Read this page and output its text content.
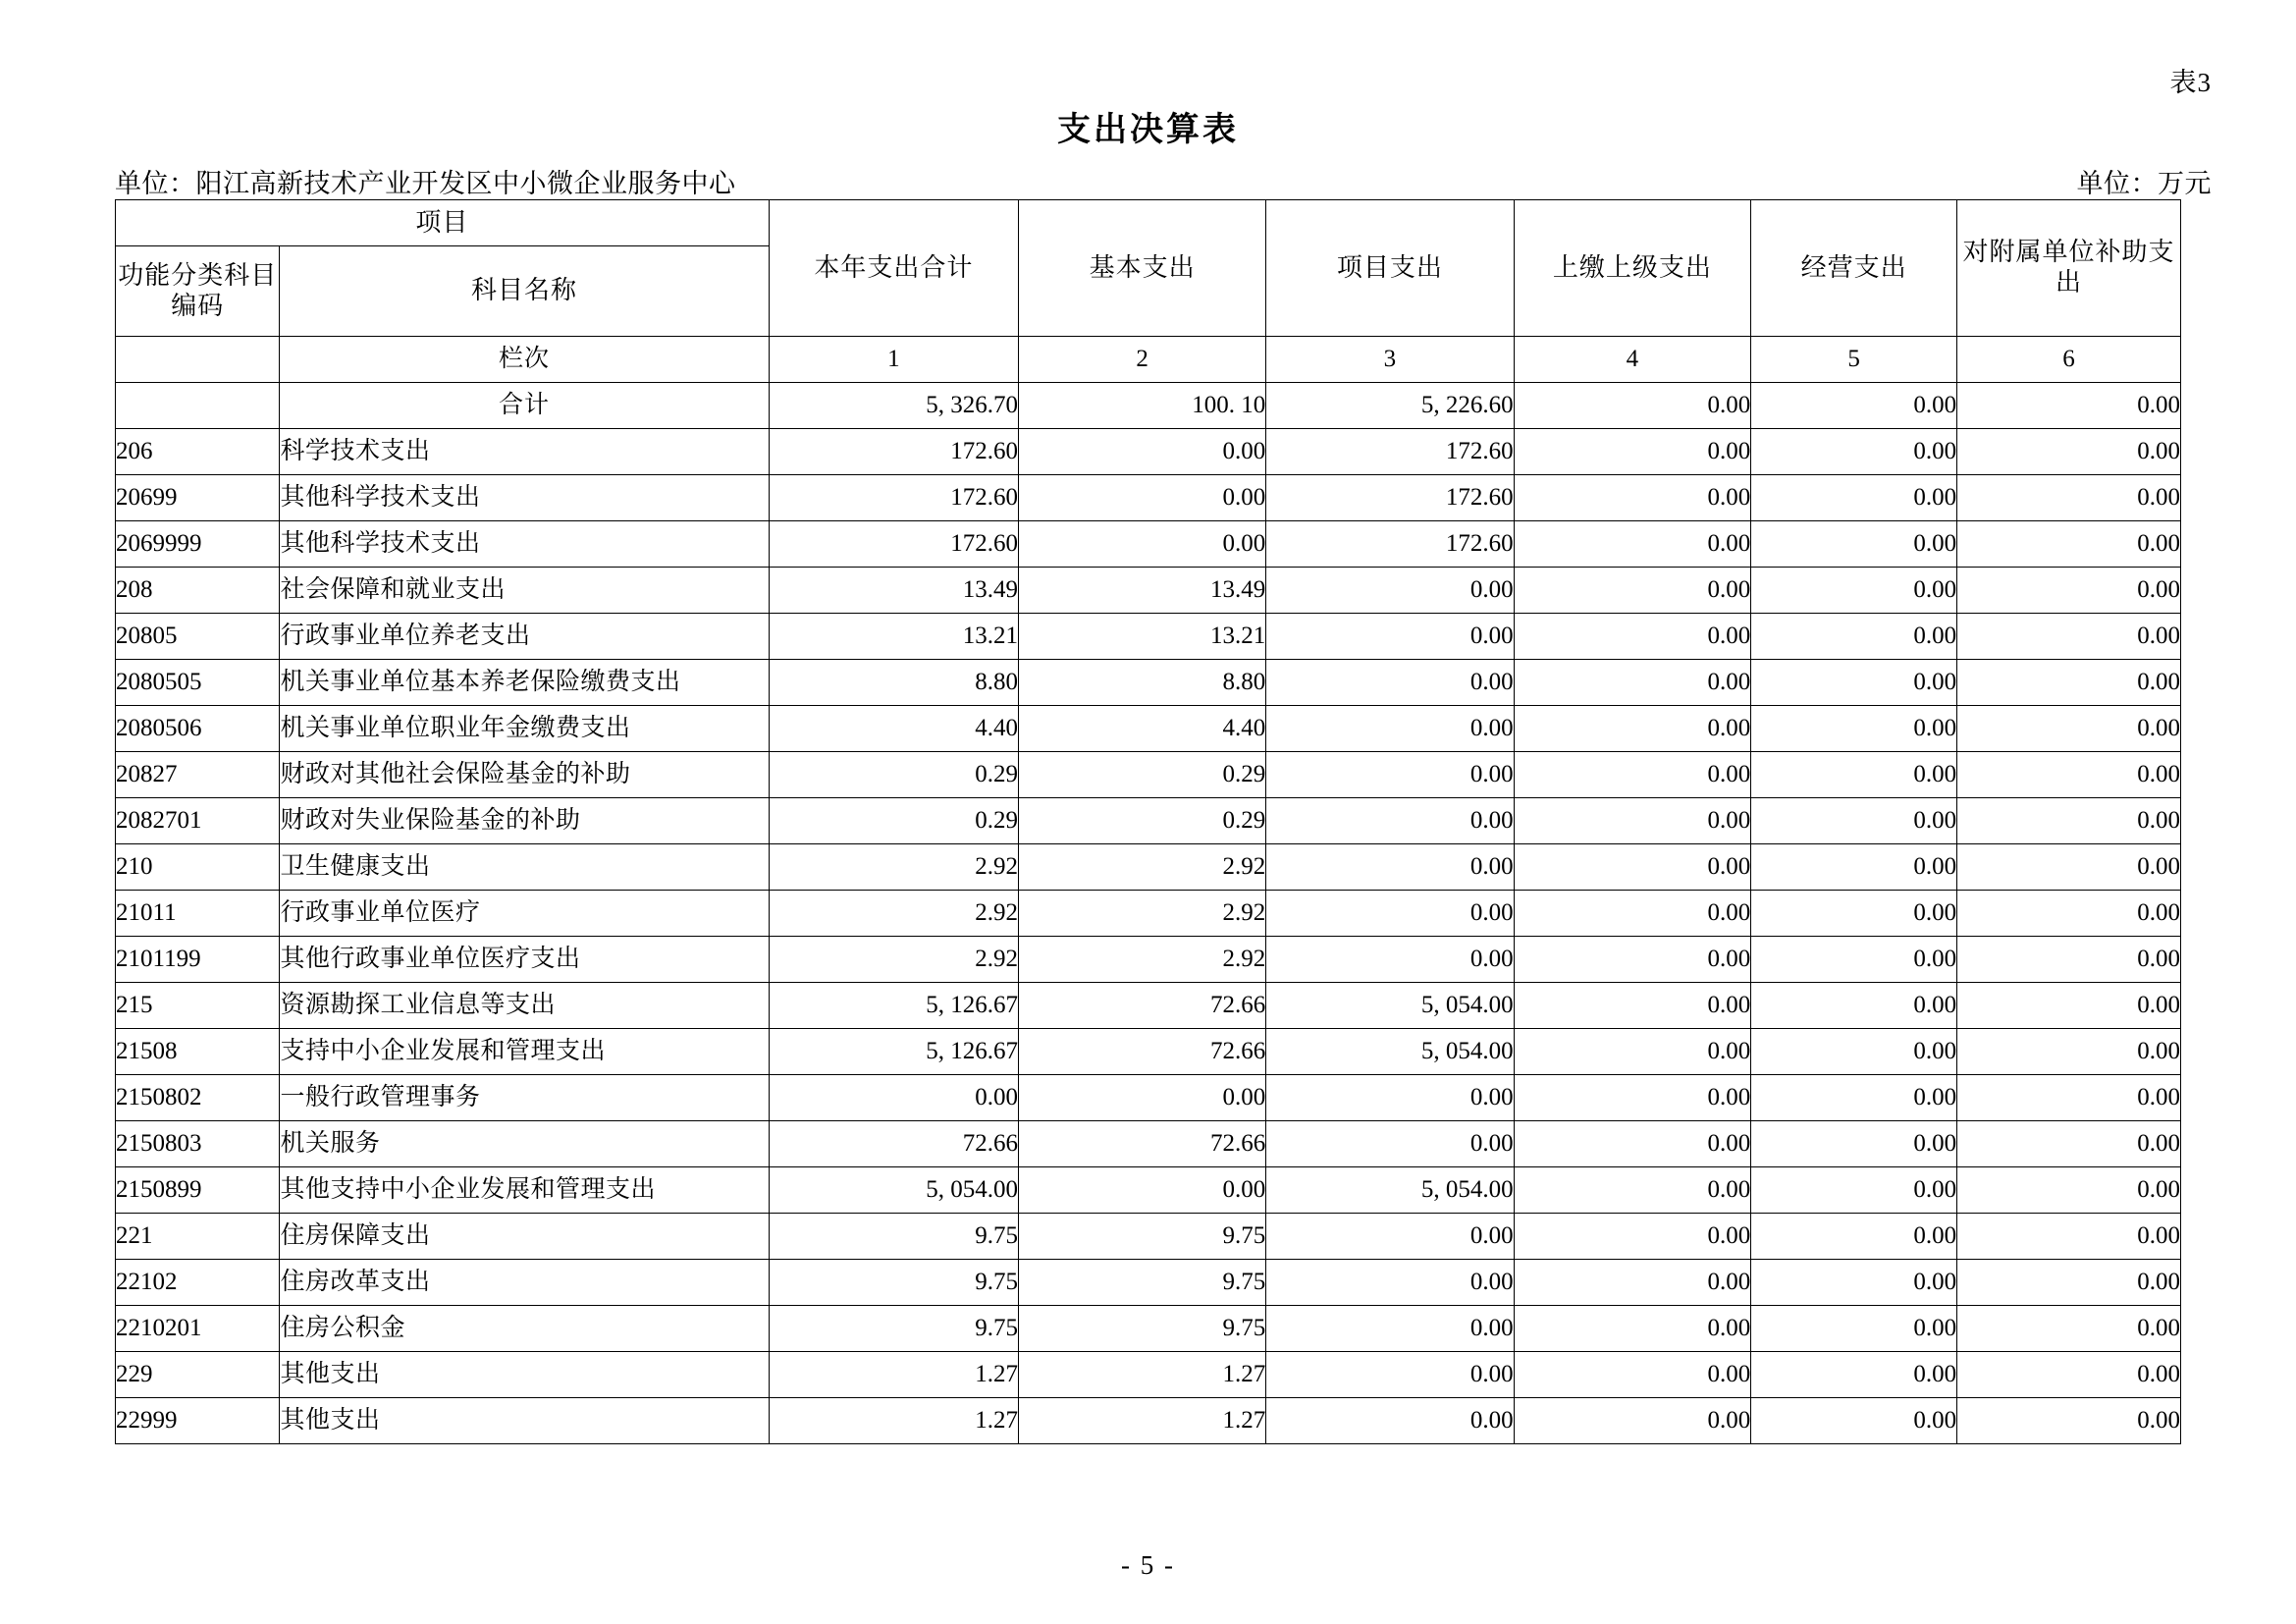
表3
支出决算表
单位：阳江高新技术产业开发区中小微企业服务中心	单位：万元
项目		本年支出合计	基本支出	项目支出	上缴上级支出	经营支出	对附属单位补助支出
功能分类科目编码	科目名称						
	栏次	1	2	3	4	5	6
	合计	5, 326.70	100. 10	5, 226.60	0.00	0.00	0.00
206	科学技术支出	172.60	0.00	172.60	0.00	0.00	0.00
20699	其他科学技术支出	172.60	0.00	172.60	0.00	0.00	0.00
2069999	其他科学技术支出	172.60	0.00	172.60	0.00	0.00	0.00
208	社会保障和就业支出	13.49	13.49	0.00	0.00	0.00	0.00
20805	行政事业单位养老支出	13.21	13.21	0.00	0.00	0.00	0.00
2080505	机关事业单位基本养老保险缴费支出	8.80	8.80	0.00	0.00	0.00	0.00
2080506	机关事业单位职业年金缴费支出	4.40	4.40	0.00	0.00	0.00	0.00
20827	财政对其他社会保险基金的补助	0.29	0.29	0.00	0.00	0.00	0.00
2082701	财政对失业保险基金的补助	0.29	0.29	0.00	0.00	0.00	0.00
210	卫生健康支出	2.92	2.92	0.00	0.00	0.00	0.00
21011	行政事业单位医疗	2.92	2.92	0.00	0.00	0.00	0.00
2101199	其他行政事业单位医疗支出	2.92	2.92	0.00	0.00	0.00	0.00
215	资源勘探工业信息等支出	5, 126.67	72.66	5, 054.00	0.00	0.00	0.00
21508	支持中小企业发展和管理支出	5, 126.67	72.66	5, 054.00	0.00	0.00	0.00
2150802	一般行政管理事务	0.00	0.00	0.00	0.00	0.00	0.00
2150803	机关服务	72.66	72.66	0.00	0.00	0.00	0.00
2150899	其他支持中小企业发展和管理支出	5, 054.00	0.00	5, 054.00	0.00	0.00	0.00
221	住房保障支出	9.75	9.75	0.00	0.00	0.00	0.00
22102	住房改革支出	9.75	9.75	0.00	0.00	0.00	0.00
2210201	住房公积金	9.75	9.75	0.00	0.00	0.00	0.00
229	其他支出	1.27	1.27	0.00	0.00	0.00	0.00
22999	其他支出	1.27	1.27	0.00	0.00	0.00	0.00
- 5 -
